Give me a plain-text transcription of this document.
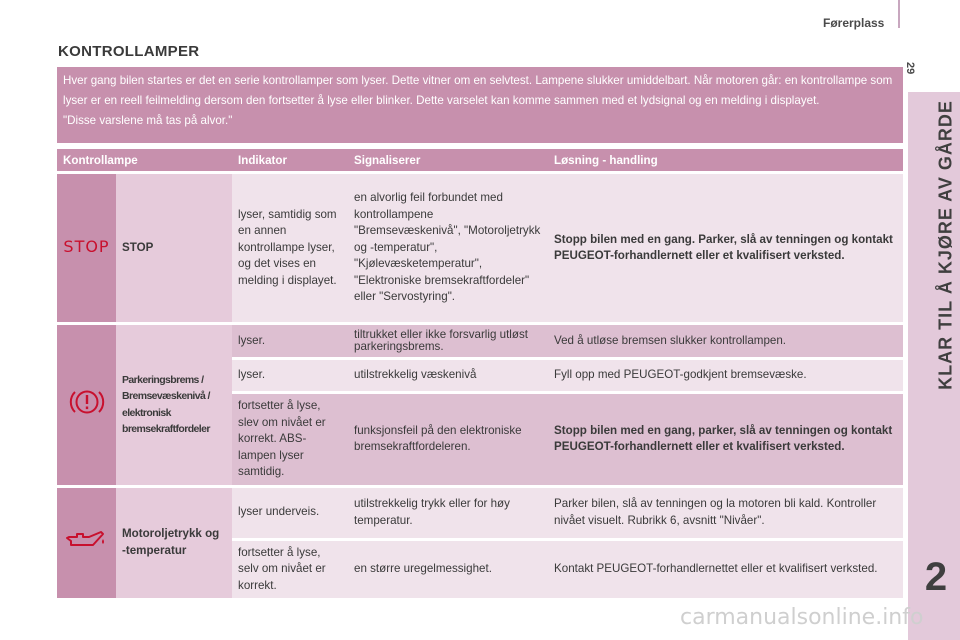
Førerplass
29
KLAR TIL Å KJØRE AV GÅRDE
2
KONTROLLAMPER

Hver gang bilen startes er det en serie kontrollamper som lyser. Dette vitner om en selvtest. Lampene slukker umiddelbart. Når motoren går: en kontrollampe som lyser er en reell feilmelding dersom den fortsetter å lyse eller blinker. Dette varselet kan komme sammen med et lydsignal og en melding i displayet.

"Disse varslene må tas på alvor."

Kontrollampe		Indikator	Signaliserer	Løsning - handling
STOP	STOP	lyser, samtidig som en annen kontrollampe lyser, og det vises en melding i displayet.	en alvorlig feil forbundet med kontrollampene "Bremsevæskenivå", "Motoroljetrykk og -temperatur", "Kjølevæsketemperatur", "Elektroniske bremsekraftfordeler" eller "Servostyring".	Stopp bilen med en gang. Parker, slå av tenningen og kontakt PEUGEOT-forhandlernett eller et kvalifisert verksted.
	Parkeringsbrems / Bremsevæskenivå / elektronisk bremsekraftfordeler	lyser.	tiltrukket eller ikke forsvarlig utløst parkeringsbrems.	Ved å utløse bremsen slukker kontrollampen.
		lyser.	utilstrekkelig væskenivå	Fyll opp med PEUGEOT-godkjent bremsevæske.
		fortsetter å lyse, slev om nivået er korrekt. ABS-lampen lyser samtidig.	funksjonsfeil på den elektroniske bremsekraftfordeleren.	Stopp bilen med en gang, parker, slå av tenningen og kontakt PEUGEOT-forhandlernett eller et kvalifisert verksted.
	Motoroljetrykk og -temperatur	lyser underveis.	utilstrekkelig trykk eller for høy temperatur.	Parker bilen, slå av tenningen og la motoren bli kald. Kontroller nivået visuelt. Rubrikk 6, avsnitt "Nivåer".
		fortsetter å lyse, selv om nivået er korrekt.	en større uregelmessighet.	Kontakt PEUGEOT-forhandlernettet eller et kvalifisert verksted.
carmanualsonline.info
